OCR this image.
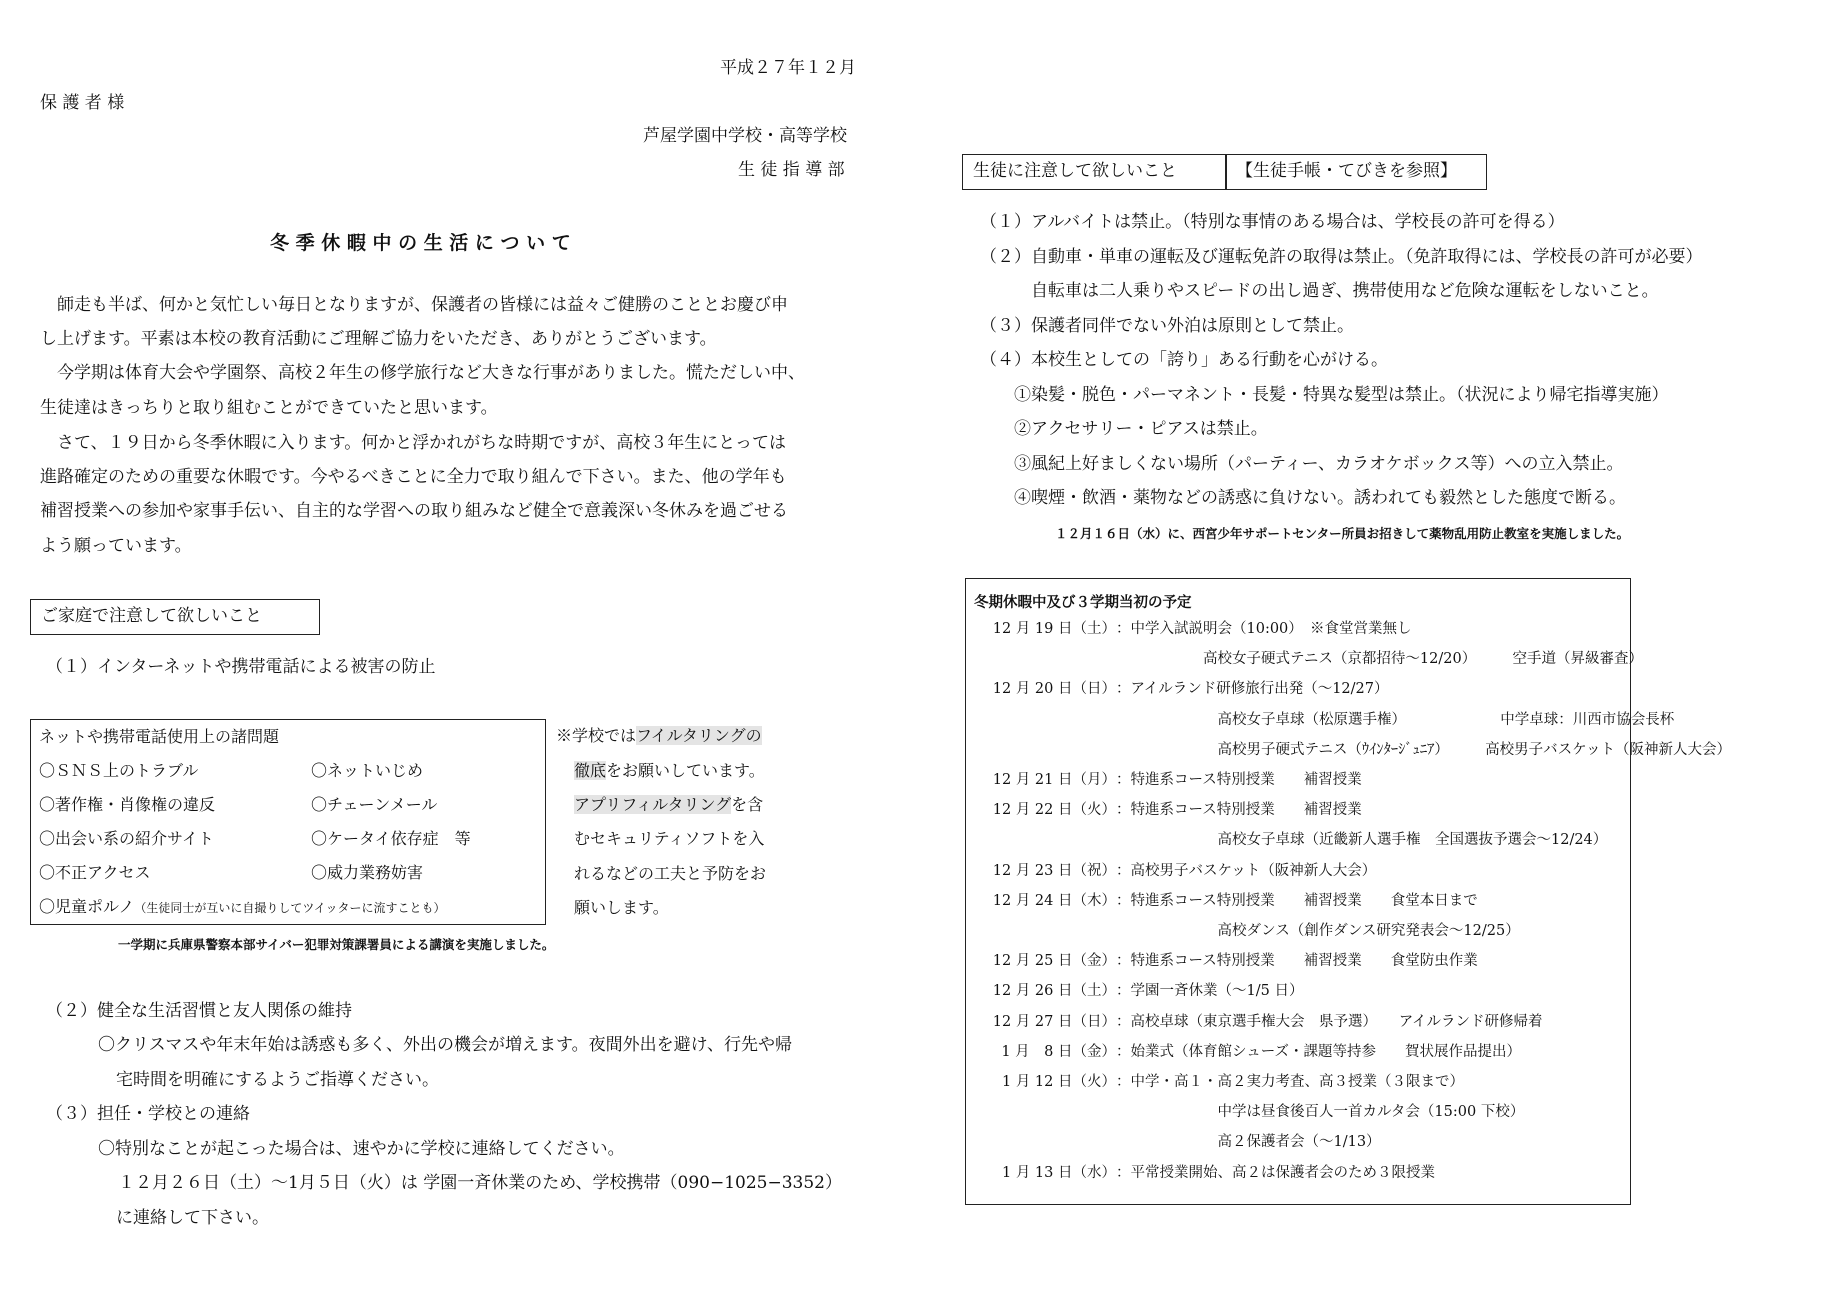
平成２７年１２月
保 護 者 様
芦屋学園中学校・高等学校
生 徒 指 導 部
冬 季 休 暇 中 の 生 活 に つ い て
　師走も半ば、何かと気忙しい毎日となりますが、保護者の皆様には益々ご健勝のこととお慶び申
し上げます。平素は本校の教育活動にご理解ご協力をいただき、ありがとうございます。
　今学期は体育大会や学園祭、高校２年生の修学旅行など大きな行事がありました。慌ただしい中、
生徒達はきっちりと取り組むことができていたと思います。
　さて、１９日から冬季休暇に入ります。何かと浮かれがちな時期ですが、高校３年生にとっては
進路確定のための重要な休暇です。今やるべきことに全力で取り組んで下さい。また、他の学年も
補習授業への参加や家事手伝い、自主的な学習への取り組みなど健全で意義深い冬休みを過ごせる
よう願っています。
ご家庭で注意して欲しいこと
（１）インターネットや携帯電話による被害の防止
ネットや携帯電話使用上の諸問題
〇ＳＮＳ上のトラブル	〇ネットいじめ
〇著作権・肖像権の違反	〇チェーンメール
〇出会い系の紹介サイト	〇ケータイ依存症　等
〇不正アクセス	〇威力業務妨害
〇児童ポルノ（生徒同士が互いに自撮りしてツイッターに流すことも）
※学校ではフイルタリングの
徹底をお願いしています。
アプリフィルタリングを含
むセキュリティソフトを入
れるなどの工夫と予防をお
願いします。
一学期に兵庫県警察本部サイバー犯罪対策課署員による講演を実施しました。
（２）健全な生活習慣と友人関係の維持
〇クリスマスや年末年始は誘惑も多く、外出の機会が増えます。夜間外出を避け、行先や帰
宅時間を明確にするようご指導ください。
（３）担任・学校との連絡
〇特別なことが起こった場合は、速やかに学校に連絡してください。
１２月２６日（土）～1月５日（火）は 学園一斉休業のため、学校携帯（090−1025−3352）
に連絡して下さい。
生徒に注意して欲しいこと	【生徒手帳・てびきを参照】
（１）アルバイトは禁止。（特別な事情のある場合は、学校長の許可を得る）
（２）自動車・単車の運転及び運転免許の取得は禁止。（免許取得には、学校長の許可が必要）
　　　自転車は二人乗りやスピードの出し過ぎ、携帯使用など危険な運転をしないこと。
（３）保護者同伴でない外泊は原則として禁止。
（４）本校生としての「誇り」ある行動を心がける。
　　①染髪・脱色・パーマネント・長髪・特異な髪型は禁止。（状況により帰宅指導実施）
　　②アクセサリー・ピアスは禁止。
　　③風紀上好ましくない場所（パーティー、カラオケボックス等）への立入禁止。
　　④喫煙・飲酒・薬物などの誘惑に負けない。誘われても毅然とした態度で断る。
１２月１６日（水）に、西宮少年サポートセンター所員お招きして薬物乱用防止教室を実施しました。
冬期休暇中及び３学期当初の予定
12 月 19 日（土）：中学入試説明会（10:00）　※食堂営業無し
　　　　　　高校女子硬式テニス（京都招待～12/20）　　　空手道（昇級審査）
12 月 20 日（日）：アイルランド研修旅行出発（～12/27）
　　　　　　　高校女子卓球（松原選手権）　　　　　　　中学卓球：川西市協会長杯
　　　　　　　高校男子硬式テニス（ｳｲﾝﾀｰｼﾞｭﾆｱ）　　　高校男子バスケット（阪神新人大会）
12 月 21 日（月）：特進系コース特別授業　　補習授業
12 月 22 日（火）：特進系コース特別授業　　補習授業
　　　　　　　高校女子卓球（近畿新人選手権　全国選抜予選会～12/24）
12 月 23 日（祝）：高校男子バスケット（阪神新人大会）
12 月 24 日（木）：特進系コース特別授業　　補習授業　　食堂本日まで
　　　　　　　高校ダンス（創作ダンス研究発表会～12/25）
12 月 25 日（金）：特進系コース特別授業　　補習授業　　食堂防虫作業
12 月 26 日（土）：学園一斉休業（～1/5 日）
12 月 27 日（日）：高校卓球（東京選手権大会　県予選）　　アイルランド研修帰着
1 月　8 日（金）：始業式（体育館シューズ・課題等持参　　賀状展作品提出）
1 月 12 日（火）：中学・高１・高２実力考査、高３授業（３限まで）
　　　　　　　中学は昼食後百人一首カルタ会（15:00 下校）
　　　　　　　高２保護者会（～1/13）
1 月 13 日（水）：平常授業開始、高２は保護者会のため３限授業
